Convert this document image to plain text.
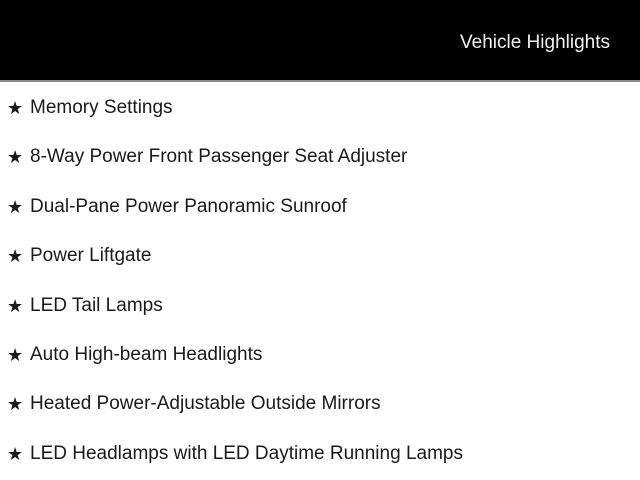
Vehicle Highlights
★ Memory Settings
★ 8-Way Power Front Passenger Seat Adjuster
★ Dual-Pane Power Panoramic Sunroof
★ Power Liftgate
★ LED Tail Lamps
★ Auto High-beam Headlights
★ Heated Power-Adjustable Outside Mirrors
★ LED Headlamps with LED Daytime Running Lamps
